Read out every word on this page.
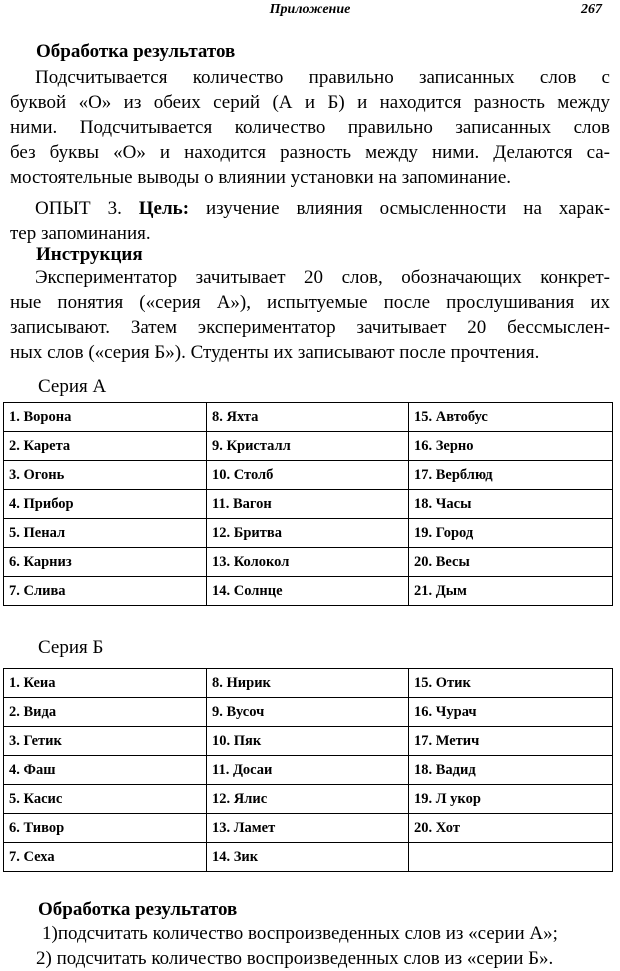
Приложение	267
Обработка результатов
Подсчитывается количество правильно записанных слов с
буквой «О» из обеих серий (А и Б) и находится разность между
ними. Подсчитывается количество правильно записанных слов
без буквы «О» и находится разность между ними. Делаются са-
мостоятельные выводы о влиянии установки на запоминание.
ОПЫТ 3. Цель: изучение влияния осмысленности на харак-
тер запоминания.
Инструкция
Экспериментатор зачитывает 20 слов, обозначающих конкрет-
ные понятия («серия А»), испытуемые после прослушивания их
записывают. Затем экспериментатор зачитывает 20 бессмыслен-
ных слов («серия Б»). Студенты их записывают после прочтения.
Серия А
1. Ворона	8. Яхта	15. Автобус
2. Карета	9. Кристалл	16. Зерно
3. Огонь	10. Столб	17. Верблюд
4. Прибор	11. Вагон	18. Часы
5. Пенал	12. Бритва	19. Город
6. Карниз	13. Колокол	20. Весы
7. Слива	14. Солнце	21. Дым
Серия Б
1. Кеиа	8. Нирик	15. Отик
2. Вида	9. Вусоч	16. Чурач
3. Гетик	10. Пяк	17. Метич
4. Фаш	11. Досаи	18. Вадид
5. Касис	12. Ялис	19. Л укор
6. Тивор	13. Ламет	20. Хот
7. Сеха	14. Зик	
Обработка результатов
1)подсчитать количество воспроизведенных слов из «серии А»;
2) подсчитать количество воспроизведенных слов из «серии Б».
